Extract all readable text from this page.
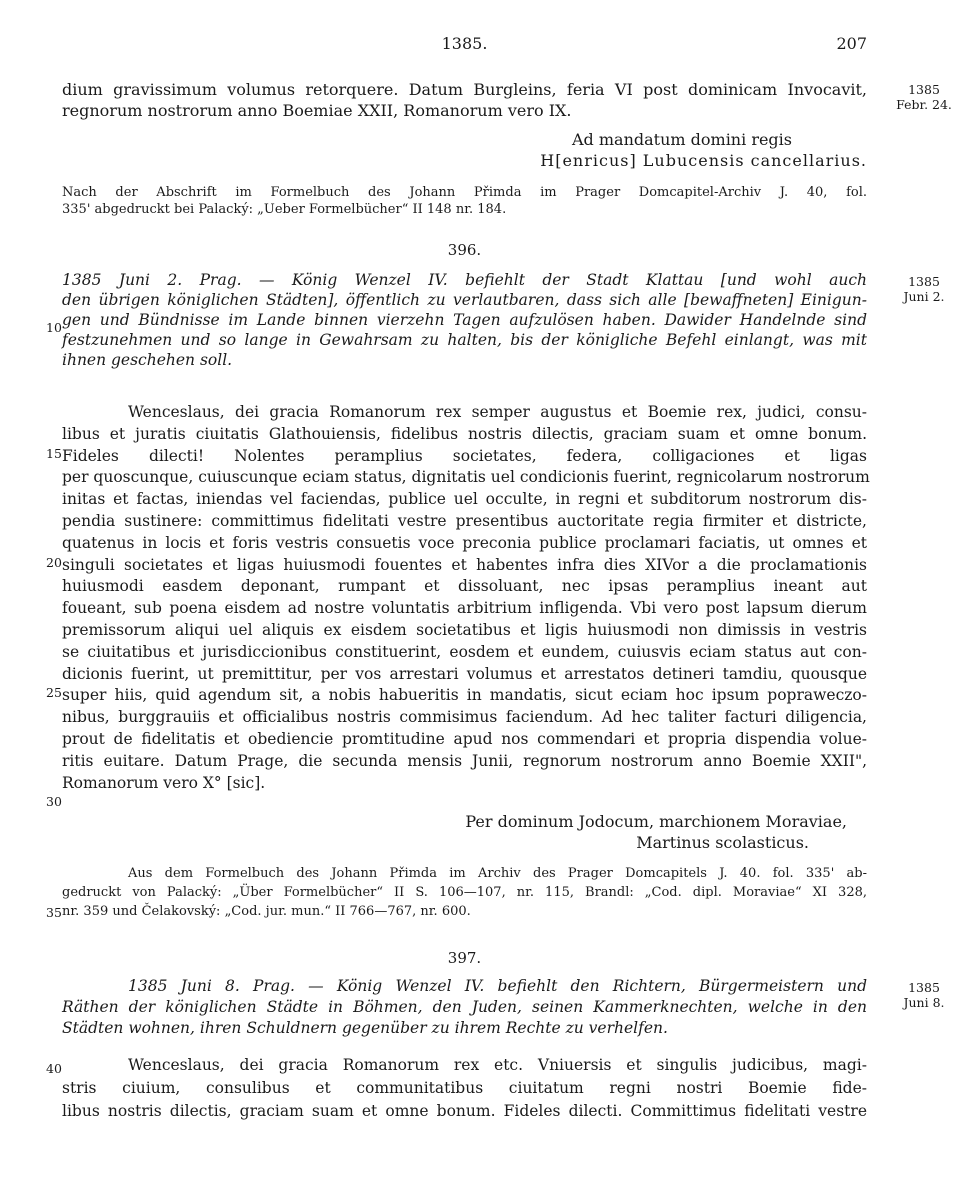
1385.	207
dium gravissimum volumus retorquere. Datum Burgleins, feria VI post dominicam Invocavit,
regnorum nostrorum anno Boemiae XXII, Romanorum vero IX.
1385
Febr. 24.
Ad mandatum domini regis
H[enricus] Lubucensis cancellarius.
Nach der Abschrift im Formelbuch des Johann Přimda im Prager Domcapitel-Archiv J. 40, fol.
335' abgedruckt bei Palacký: „Ueber Formelbücher“ II 148 nr. 184.
396.
1385 Juni 2. Prag. — König Wenzel IV. befiehlt der Stadt Klattau [und wohl auch
den übrigen königlichen Städten], öffentlich zu verlautbaren, dass sich alle [bewaffneten] Einigun-
gen und Bündnisse im Lande binnen vierzehn Tagen aufzulösen haben. Dawider Handelnde sind
festzunehmen und so lange in Gewahrsam zu halten, bis der königliche Befehl einlangt, was mit
ihnen geschehen soll.
1385
Juni 2.
Wenceslaus, dei gracia Romanorum rex semper augustus et Boemie rex, judici, consu-
libus et juratis ciuitatis Glathouiensis, fidelibus nostris dilectis, graciam suam et omne bonum.
Fideles dilecti! Nolentes peramplius societates, federa, colligaciones et ligas
per quoscunque, cuiuscunque eciam status, dignitatis uel condicionis fuerint, regnicolarum nostrorum
initas et factas, iniendas vel faciendas, publice uel occulte, in regni et subditorum nostrorum dis-
pendia sustinere: committimus fidelitati vestre presentibus auctoritate regia firmiter et districte,
quatenus in locis et foris vestris consuetis voce preconia publice proclamari faciatis, ut omnes et
singuli societates et ligas huiusmodi fouentes et habentes infra dies XIVor a die proclamationis
huiusmodi easdem deponant, rumpant et dissoluant, nec ipsas peramplius ineant aut
foueant, sub poena eisdem ad nostre voluntatis arbitrium infligenda. Vbi vero post lapsum dierum
premissorum aliqui uel aliquis ex eisdem societatibus et ligis huiusmodi non dimissis in vestris
se ciuitatibus et jurisdiccionibus constituerint, eosdem et eundem, cuiusvis eciam status aut con-
dicionis fuerint, ut premittitur, per vos arrestari volumus et arrestatos detineri tamdiu, quousque
super hiis, quid agendum sit, a nobis habueritis in mandatis, sicut eciam hoc ipsum popraweczo-
nibus, burggrauiis et officialibus nostris commisimus faciendum. Ad hec taliter facturi diligencia,
prout de fidelitatis et obediencie promtitudine apud nos commendari et propria dispendia volue-
ritis euitare. Datum Prage, die secunda mensis Junii, regnorum nostrorum anno Boemie XXII",
Romanorum vero X° [sic].
Per dominum Jodocum, marchionem Moraviae,
Martinus scolasticus.
Aus dem Formelbuch des Johann Přimda im Archiv des Prager Domcapitels J. 40. fol. 335' ab-
gedruckt von Palacký: „Über Formelbücher“ II S. 106—107, nr. 115, Brandl: „Cod. dipl. Moraviae“ XI 328,
nr. 359 und Čelakovský: „Cod. jur. mun.“ II 766—767, nr. 600.
397.
1385 Juni 8. Prag. — König Wenzel IV. befiehlt den Richtern, Bürgermeistern und
Räthen der königlichen Städte in Böhmen, den Juden, seinen Kammerknechten, welche in den
Städten wohnen, ihren Schuldnern gegenüber zu ihrem Rechte zu verhelfen.
1385
Juni 8.
Wenceslaus, dei gracia Romanorum rex etc. Vniuersis et singulis judicibus, magi-
stris ciuium, consulibus et communitatibus ciuitatum regni nostri Boemie fide-
libus nostris dilectis, graciam suam et omne bonum. Fideles dilecti. Committimus fidelitati vestre
10
15
20
25
30
35
40
